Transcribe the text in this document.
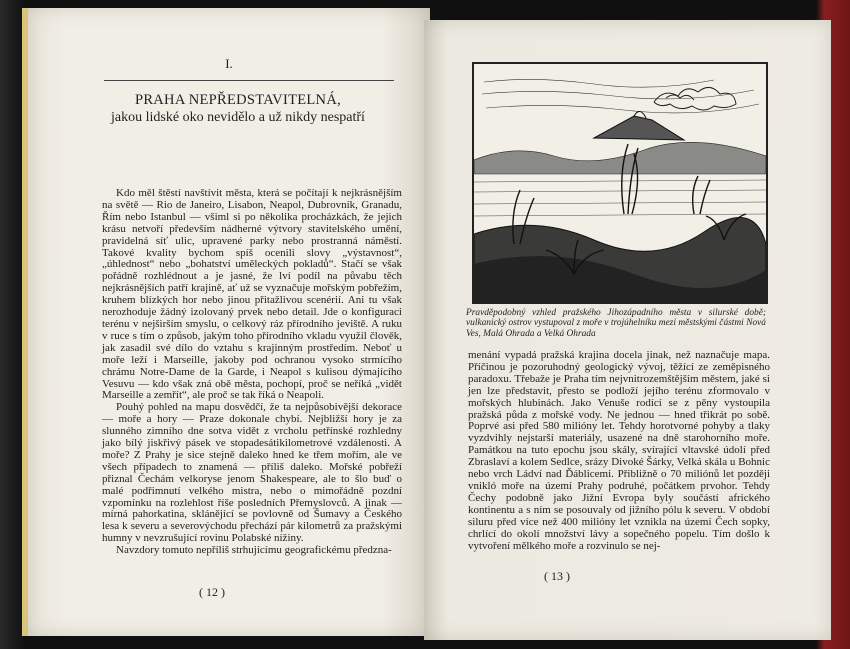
I.
PRAHA NEPŘEDSTAVITELNÁ,
jakou lidské oko nevidělo a už nikdy nespatří

Kdo měl štěstí navštívit města, která se počítají k nejkrásnějším na světě — Rio de Janeiro, Lisabon, Neapol, Dubrovník, Granadu, Řím nebo Istanbul — všiml si po několika procházkách, že jejich krásu netvoří především nádherné výtvory stavitelského umění, pravidelná síť ulic, upravené parky nebo prostranná náměstí. Takové kvality bychom spíš ocenili slovy „výstavnost“, „úhlednost“ nebo „bohatství uměleckých pokladů“. Stačí se však pořádně rozhlédnout a je jasné, že lví podíl na půvabu těch nejkrásnějších patří krajině, ať už se vyznačuje mořským pobřežím, kruhem blízkých hor nebo jinou přitažlivou scenérií. Ani tu však nerozhoduje žádný izolovaný prvek nebo detail. Jde o konfiguraci terénu v nejširším smyslu, o celkový ráz přírodního jeviště. A ruku v ruce s tím o způsob, jakým toho přírodního vkladu využil člověk, jak zasadil své dílo do vztahu s krajinným prostředím. Neboť u moře leží i Marseille, jakoby pod ochranou vysoko strmícího chrámu Notre-Dame de la Garde, i Neapol s kulisou dýmajícího Vesuvu — kdo však zná obě města, pochopí, proč se neříká „vidět Marseille a zemřít“, ale proč se tak říká o Neapoli.

Pouhý pohled na mapu dosvědčí, že ta nejpůsobivější dekorace — moře a hory — Praze dokonale chybí. Nejbližší hory je za slunného zimního dne sotva vidět z vrcholu petřínské rozhledny jako bílý jiskřivý pásek ve stopadesátikilometrové vzdálenosti. A moře? Z Prahy je sice stejně daleko hned ke třem mořím, ale ve všech případech to znamená — příliš daleko. Mořské pobřeží přiznal Čechám velkoryse jenom Shakespeare, ale to šlo buď o malé podřimnutí velkého mistra, nebo o mimořádně pozdní vzpomínku na rozlehlost říše posledních Přemyslovců. A jinak — mírná pahorkatina, sklánějící se povlovně od Šumavy a Českého lesa k severu a severovýchodu přechází pár kilometrů za pražskými humny v nevzrušující rovinu Polabské nížiny.

Navzdory tomuto nepříliš strhujícímu geografickému předzna-

( 12 )
Pravděpodobný vzhled pražského Jihozápadního města v silurské době; vulkanický ostrov vystupoval z moře v trojúhelníku mezi městskými částmi Nová Ves, Malá Ohrada a Velká Ohrada

menání vypadá pražská krajina docela jinak, než naznačuje mapa. Příčinou je pozoruhodný geologický vývoj, těžící ze zeměpisného paradoxu. Třebaže je Praha tím nejvnitrozemštějším městem, jaké si jen lze představit, přesto se podloží jejího terénu zformovalo v mořských hlubinách. Jako Venuše rodící se z pěny vystoupila pražská půda z mořské vody. Ne jednou — hned třikrát po sobě. Poprvé asi před 580 milióny let. Tehdy horotvorné pohyby a tlaky vyzdvihly nejstarší materiály, usazené na dně starohorního moře. Památkou na tuto epochu jsou skály, svírající vltavské údolí před Zbraslaví a kolem Sedlce, srázy Divoké Šárky, Velká skála u Bohnic nebo vrch Ládví nad Ďáblicemi. Přibližně o 70 miliónů let později vnikló moře na území Prahy podruhé, počátkem prvohor. Tehdy Čechy podobně jako Jižní Evropa byly součástí afrického kontinentu a s ním se posouvaly od jižního pólu k severu. V období siluru před více než 400 milióny let vznikla na území Čech sopky, chrlící do okolí množství lávy a sopečného popelu. Tím došlo k vytvoření mělkého moře a rozvinulo se nej-

( 13 )
